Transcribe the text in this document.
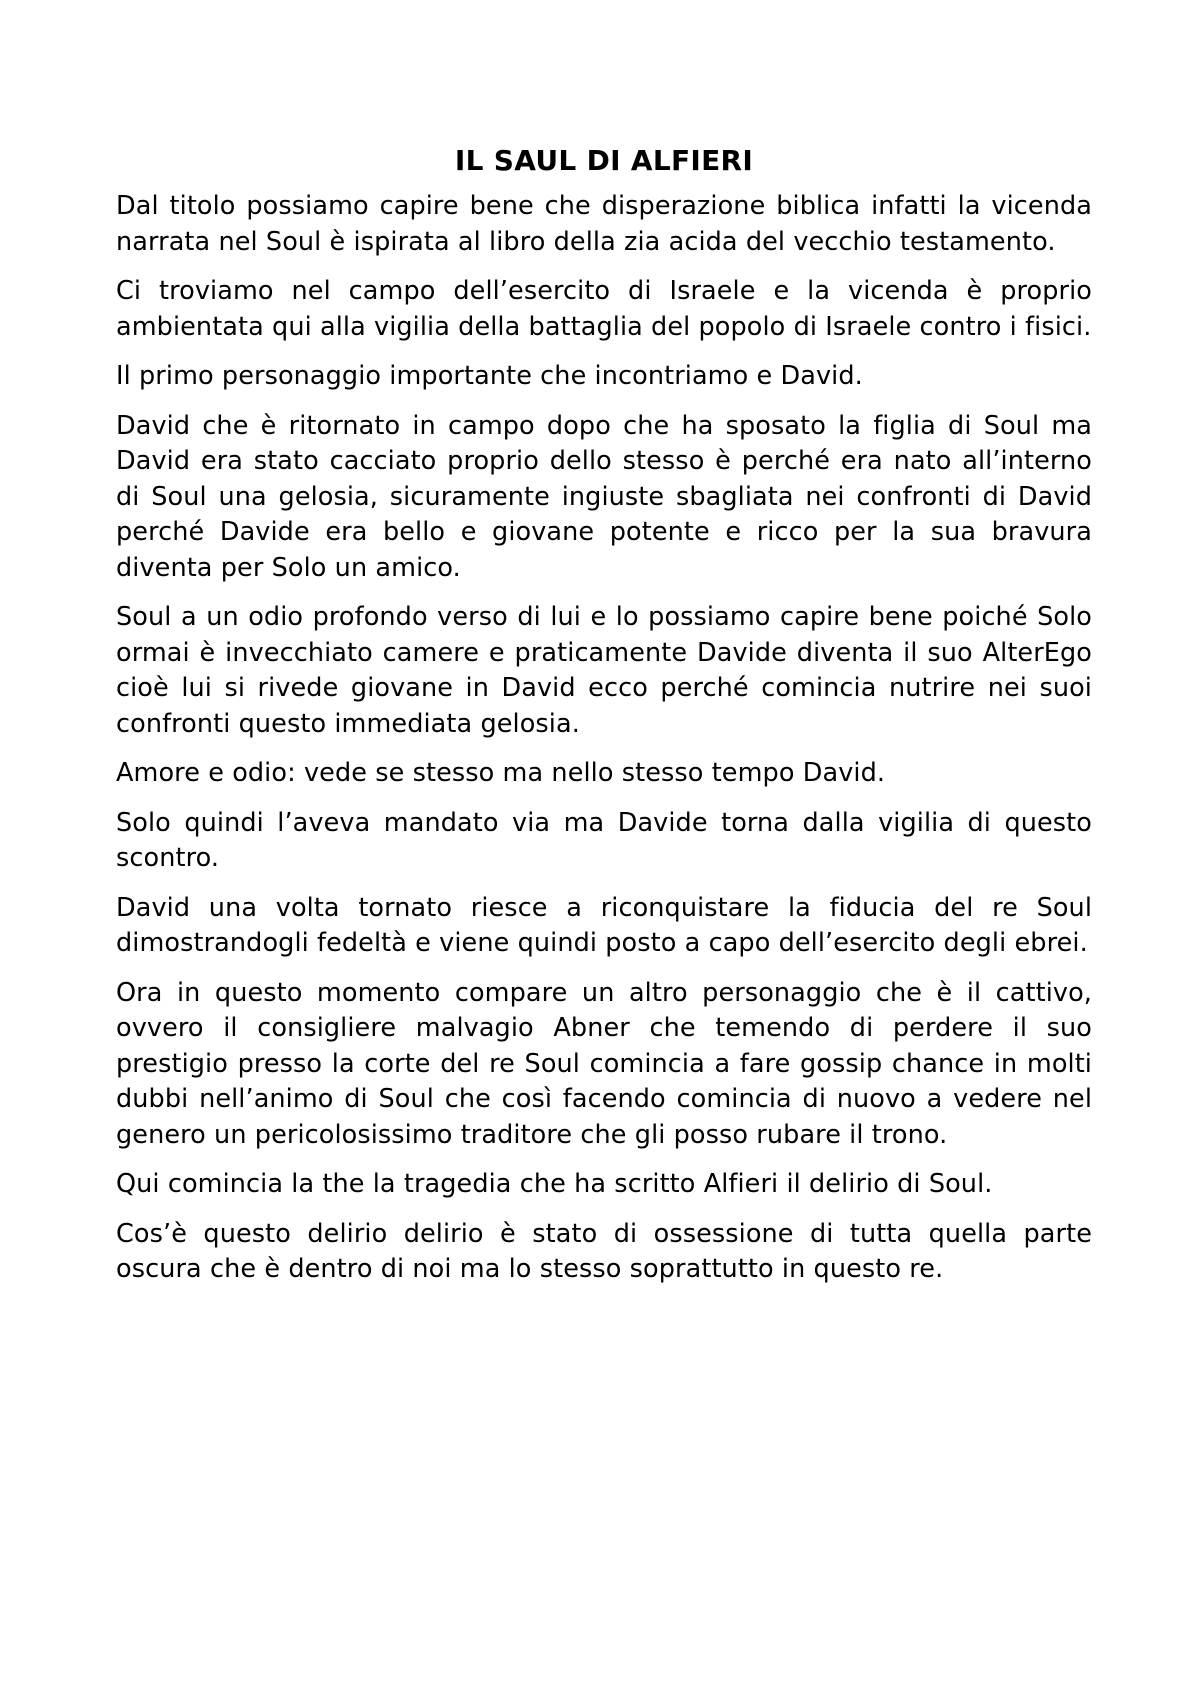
IL SAUL DI ALFIERI

Dal titolo possiamo capire bene che disperazione biblica infatti la vicenda narrata nel Soul è ispirata al libro della zia acida del vecchio testamento.

Ci troviamo nel campo dell’esercito di Israele e la vicenda è proprio ambientata qui alla vigilia della battaglia del popolo di Israele contro i fisici.

Il primo personaggio importante che incontriamo e David.

David che è ritornato in campo dopo che ha sposato la figlia di Soul ma David era stato cacciato proprio dello stesso è perché era nato all’interno di Soul una gelosia, sicuramente ingiuste sbagliata nei confronti di David perché Davide era bello e giovane potente e ricco per la sua bravura diventa per Solo un amico.

Soul a un odio profondo verso di lui e lo possiamo capire bene poiché Solo ormai è invecchiato camere e praticamente Davide diventa il suo AlterEgo cioè lui si rivede giovane in David ecco perché comincia nutrire nei suoi confronti questo immediata gelosia.

Amore e odio: vede se stesso ma nello stesso tempo David.

Solo quindi l’aveva mandato via ma Davide torna dalla vigilia di questo scontro.

David una volta tornato riesce a riconquistare la fiducia del re Soul dimostrandogli fedeltà e viene quindi posto a capo dell’esercito degli ebrei.

Ora in questo momento compare un altro personaggio che è il cattivo, ovvero il consigliere malvagio Abner che temendo di perdere il suo prestigio presso la corte del re Soul comincia a fare gossip chance in molti dubbi nell’animo di Soul che così facendo comincia di nuovo a vedere nel genero un pericolosissimo traditore che gli posso rubare il trono.

Qui comincia la the la tragedia che ha scritto Alfieri il delirio di Soul.

Cos’è questo delirio delirio è stato di ossessione di tutta quella parte oscura che è dentro di noi ma lo stesso soprattutto in questo re.
